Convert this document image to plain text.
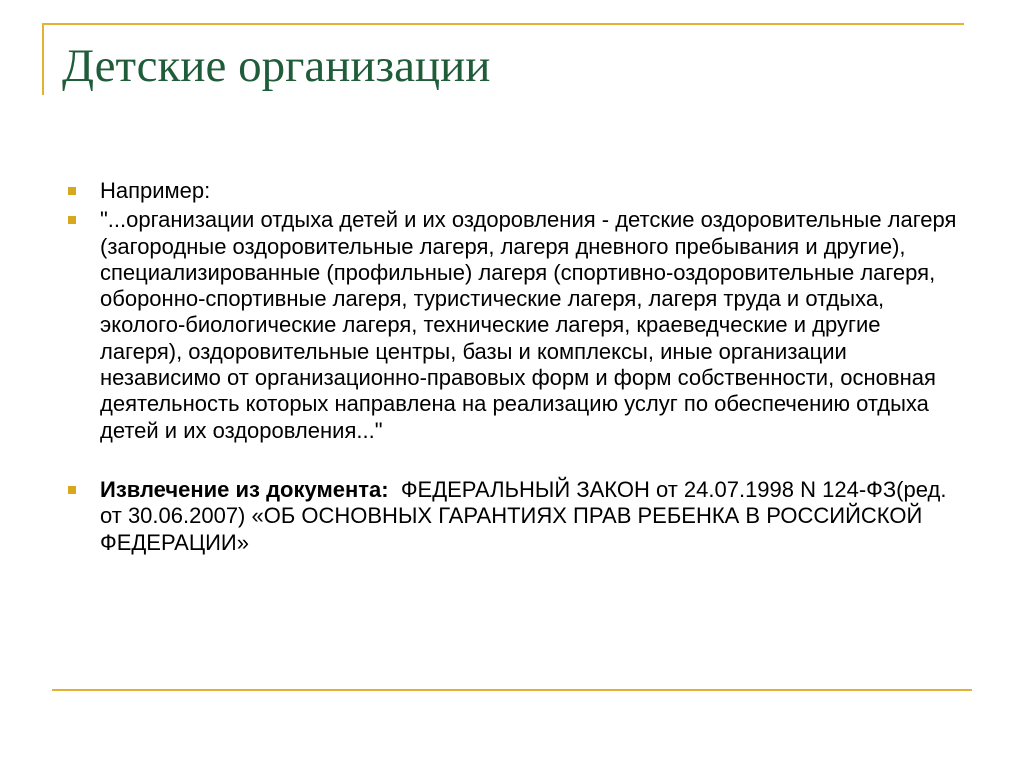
Детские организации
Например:
"...организации отдыха детей и их оздоровления - детские оздоровительные лагеря (загородные оздоровительные лагеря, лагеря дневного пребывания и другие), специализированные (профильные) лагеря (спортивно-оздоровительные лагеря, оборонно-спортивные лагеря, туристические лагеря, лагеря труда и отдыха, эколого-биологические лагеря, технические лагеря, краеведческие и другие лагеря), оздоровительные центры, базы и комплексы, иные организации независимо от организационно-правовых форм и форм собственности, основная деятельность которых направлена на реализацию услуг по обеспечению отдыха детей и их оздоровления..."
Извлечение из документа: ФЕДЕРАЛЬНЫЙ ЗАКОН от 24.07.1998 N 124-ФЗ(ред. от 30.06.2007) «ОБ ОСНОВНЫХ ГАРАНТИЯХ ПРАВ РЕБЕНКА В РОССИЙСКОЙ ФЕДЕРАЦИИ»
